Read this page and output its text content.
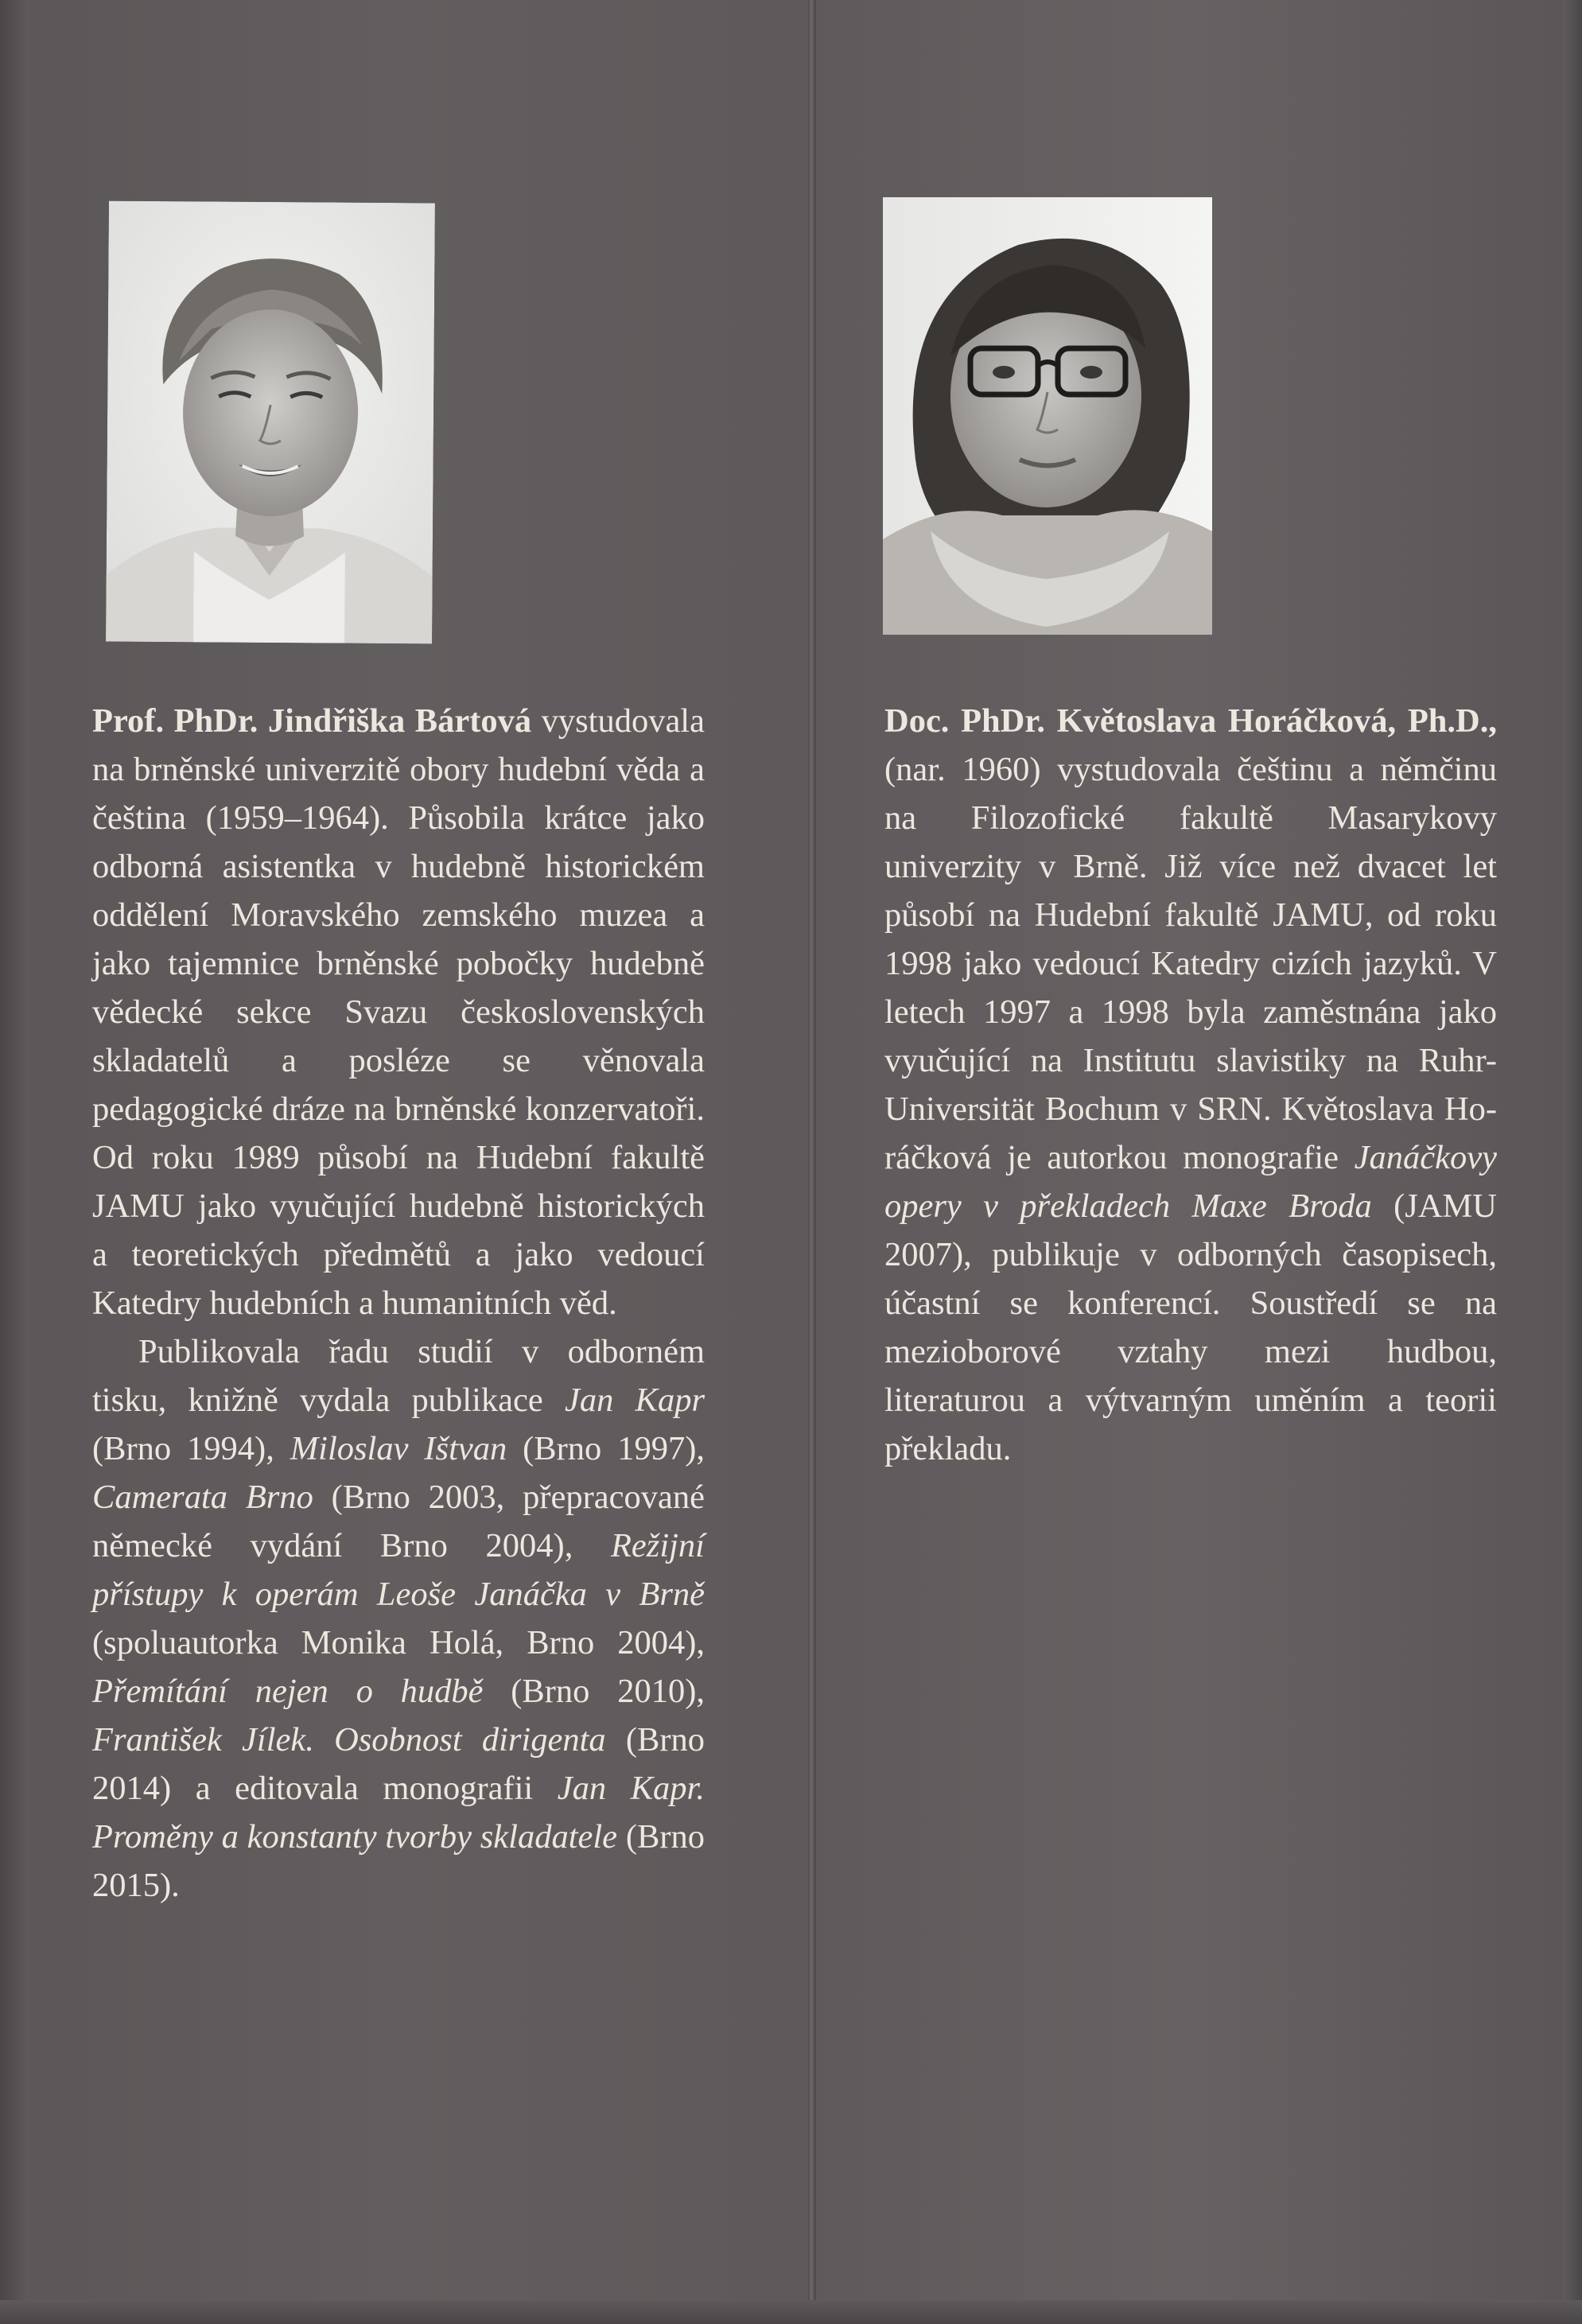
Prof. PhDr. Jindřiška Bártová vystudovala na brněnské univerzitě obory hudební věda a čeština (1959–1964). Působila krátce jako odborná asistentka v hudebně historickém oddělení Moravského zemského muzea a jako tajemnice brněnské pobočky hudebně vědecké sekce Svazu československých skladatelů a posléze se věnovala pedagogické dráze na brněnské konzervatoři. Od roku 1989 působí na Hudební fakultě JAMU jako vyučující hudebně historických a teoretických předmětů a jako vedoucí Katedry hudebních a humanitních věd.

Publikovala řadu studií v odborném tisku, knižně vydala publikace Jan Kapr (Brno 1994), Miloslav Ištvan (Brno 1997), Camerata Brno (Brno 2003, přepracované německé vydání Brno 2004), Režijní přístupy k operám Leoše Janáčka v Brně (spoluautorka Monika Holá, Brno 2004), Přemítání nejen o hudbě (Brno 2010), František Jílek. Osobnost dirigenta (Brno 2014) a editovala monografii Jan Kapr. Proměny a konstanty tvorby skladatele (Brno 2015).

Doc. PhDr. Květoslava Horáčková, Ph.D., (nar. 1960) vystudovala češtinu a němčinu na Filozofické fakultě Masarykovy univerzity v Brně. Již více než dvacet let působí na Hudební fakultě JAMU, od roku 1998 jako vedoucí Katedry cizích jazyků. V letech 1997 a 1998 byla zaměstnána jako vyučující na Institutu slavistiky na Ruhr-Universität Bochum v SRN. Květoslava Horáčková je autorkou monografie Janáčkovy opery v překladech Maxe Broda (JAMU 2007), publikuje v odborných časopisech, účastní se konferencí. Soustředí se na mezioborové vztahy mezi hudbou, literaturou a výtvarným uměním a teorii překladu.
